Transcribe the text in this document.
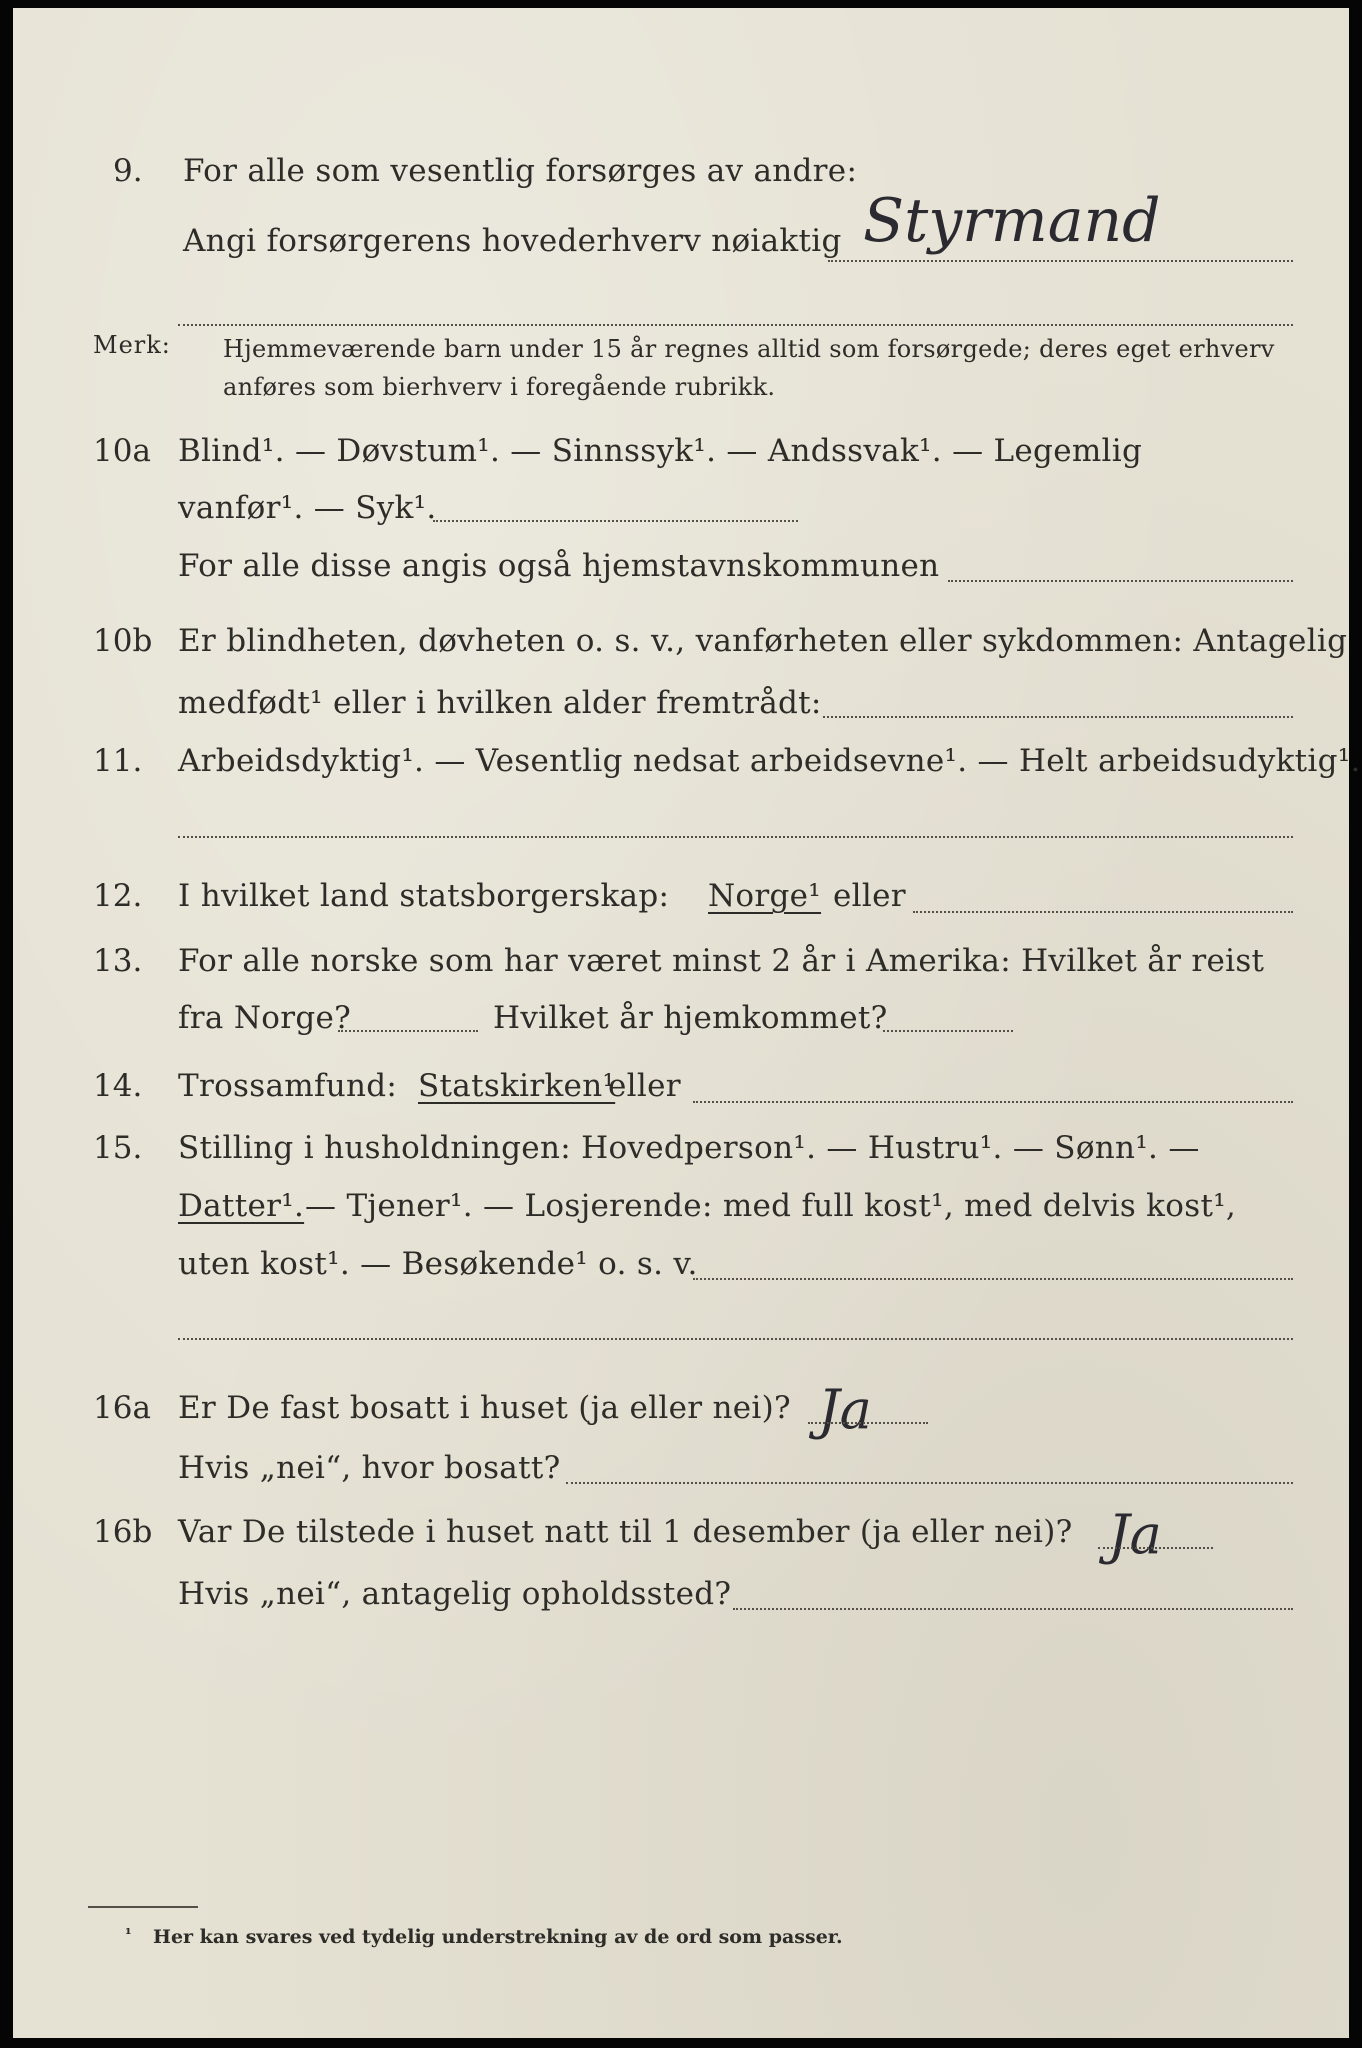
9. For alle som vesentlig forsørges av andre:
Angi forsørgerens hovederhverv nøiaktig Styrmand
Merk: Hjemmeværende barn under 15 år regnes alltid som forsørgede; deres eget erhverv
anføres som bierhverv i foregående rubrikk.
10a Blind¹. — Døvstum¹. — Sinnssyk¹. — Andssvak¹. — Legemlig
vanfør¹. — Syk¹.
For alle disse angis også hjemstavnskommunen
10b Er blindheten, døvheten o. s. v., vanførheten eller sykdommen: Antagelig
medfødt¹ eller i hvilken alder fremtrådt:
11. Arbeidsdyktig¹. — Vesentlig nedsat arbeidsevne¹. — Helt arbeidsudyktig¹.
12. I hvilket land statsborgerskap: Norge¹ eller
13. For alle norske som har været minst 2 år i Amerika: Hvilket år reist
fra Norge?	Hvilket år hjemkommet?
14. Trossamfund: Statskirken¹
eller
15. Stilling i husholdningen: Hovedperson¹. — Hustru¹. — Sønn¹. —
Datter¹. — Tjener¹. — Losjerende: med full kost¹, med delvis kost¹,
uten kost¹. — Besøkende¹ o. s. v.
16a Er De fast bosatt i huset (ja eller nei)? Ja
Hvis „nei“, hvor bosatt?
16b Var De tilstede i huset natt til 1 desember (ja eller nei)? Ja
Hvis „nei“, antagelig opholdssted?
¹ Her kan svares ved tydelig understrekning av de ord som passer.
